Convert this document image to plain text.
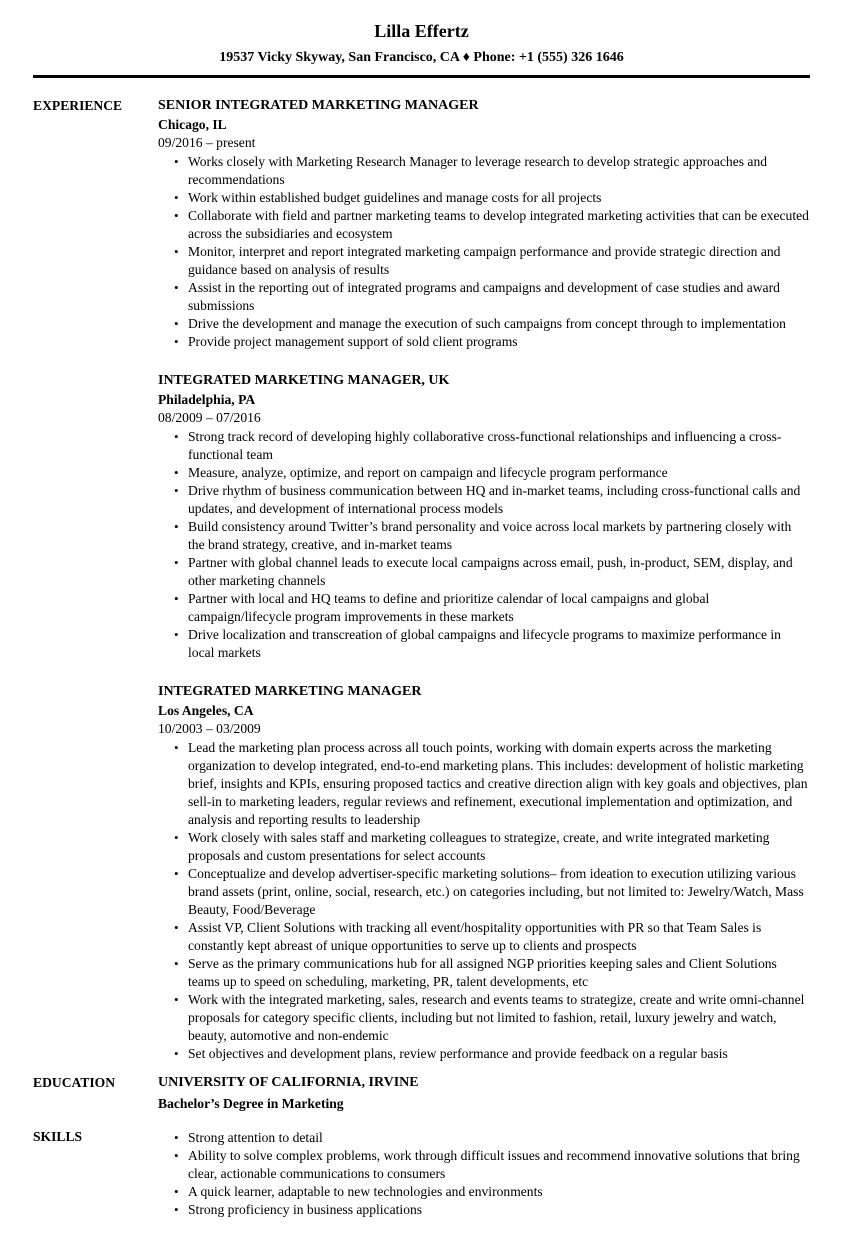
Lilla Effertz

19537 Vicky Skyway, San Francisco, CA ♦ Phone: +1 (555) 326 1646

EXPERIENCE	SENIOR INTEGRATED MARKETING MANAGER

Chicago, IL

09/2016 – present

• Works closely with Marketing Research Manager to leverage research to develop strategic approaches and recommendations
• Work within established budget guidelines and manage costs for all projects
• Collaborate with field and partner marketing teams to develop integrated marketing activities that can be executed across the subsidiaries and ecosystem
• Monitor, interpret and report integrated marketing campaign performance and provide strategic direction and guidance based on analysis of results
• Assist in the reporting out of integrated programs and campaigns and development of case studies and award submissions
• Drive the development and manage the execution of such campaigns from concept through to implementation
• Provide project management support of sold client programs
INTEGRATED MARKETING MANAGER, UK

Philadelphia, PA

08/2009 – 07/2016

• Strong track record of developing highly collaborative cross-functional relationships and influencing a cross-functional team
• Measure, analyze, optimize, and report on campaign and lifecycle program performance
• Drive rhythm of business communication between HQ and in-market teams, including cross-functional calls and updates, and development of international process models
• Build consistency around Twitter’s brand personality and voice across local markets by partnering closely with the brand strategy, creative, and in-market teams
• Partner with global channel leads to execute local campaigns across email, push, in-product, SEM, display, and other marketing channels
• Partner with local and HQ teams to define and prioritize calendar of local campaigns and global campaign/lifecycle program improvements in these markets
• Drive localization and transcreation of global campaigns and lifecycle programs to maximize performance in local markets
INTEGRATED MARKETING MANAGER

Los Angeles, CA

10/2003 – 03/2009

• Lead the marketing plan process across all touch points, working with domain experts across the marketing organization to develop integrated, end-to-end marketing plans. This includes: development of holistic marketing brief, insights and KPIs, ensuring proposed tactics and creative direction align with key goals and objectives, plan sell-in to marketing leaders, regular reviews and refinement, executional implementation and optimization, and analysis and reporting results to leadership
• Work closely with sales staff and marketing colleagues to strategize, create, and write integrated marketing proposals and custom presentations for select accounts
• Conceptualize and develop advertiser-specific marketing solutions– from ideation to execution utilizing various brand assets (print, online, social, research, etc.) on categories including, but not limited to: Jewelry/Watch, Mass Beauty, Food/Beverage
• Assist VP, Client Solutions with tracking all event/hospitality opportunities with PR so that Team Sales is constantly kept abreast of unique opportunities to serve up to clients and prospects
• Serve as the primary communications hub for all assigned NGP priorities keeping sales and Client Solutions teams up to speed on scheduling, marketing, PR, talent developments, etc
• Work with the integrated marketing, sales, research and events teams to strategize, create and write omni-channel proposals for category specific clients, including but not limited to fashion, retail, luxury jewelry and watch, beauty, automotive and non-endemic
• Set objectives and development plans, review performance and provide feedback on a regular basis
EDUCATION	UNIVERSITY OF CALIFORNIA, IRVINE

Bachelor’s Degree in Marketing

SKILLS	• Strong attention to detail
• Ability to solve complex problems, work through difficult issues and recommend innovative solutions that bring clear, actionable communications to consumers
• A quick learner, adaptable to new technologies and environments
• Strong proficiency in business applications
